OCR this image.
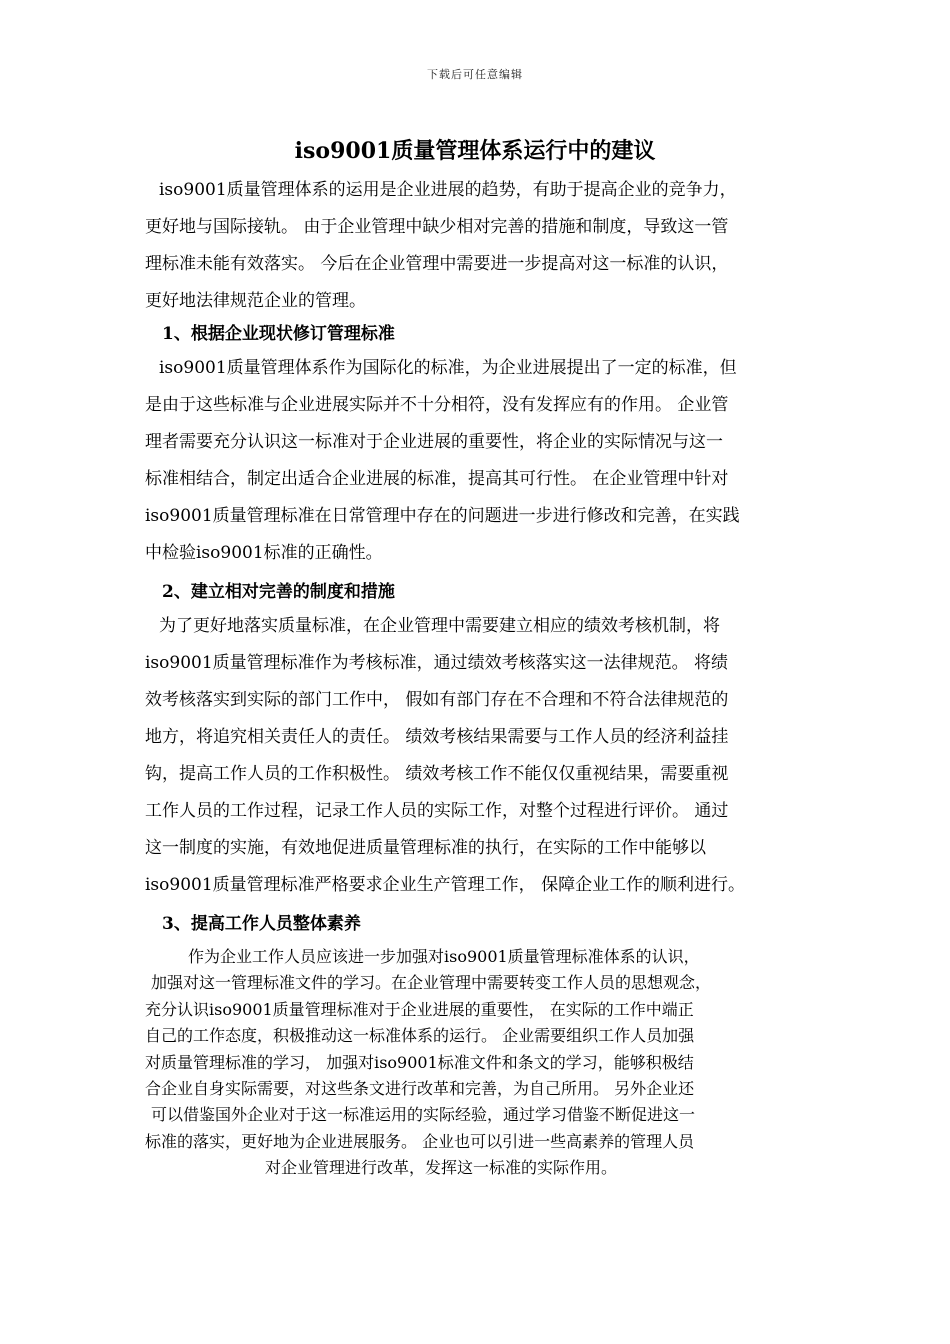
下载后可任意编辑
iso9001质量管理体系运行中的建议
iso9001质量管理体系的运用是企业进展的趋势，有助于提高企业的竞争力，
更好地与国际接轨。 由于企业管理中缺少相对完善的措施和制度，导致这一管
理标准未能有效落实。 今后在企业管理中需要进一步提高对这一标准的认识，
更好地法律规范企业的管理。
1、根据企业现状修订管理标准
iso9001质量管理体系作为国际化的标准，为企业进展提出了一定的标准，但
是由于这些标准与企业进展实际并不十分相符，没有发挥应有的作用。 企业管
理者需要充分认识这一标准对于企业进展的重要性，将企业的实际情况与这一
标准相结合，制定出适合企业进展的标准，提高其可行性。 在企业管理中针对
iso9001质量管理标准在日常管理中存在的问题进一步进行修改和完善，在实践
中检验iso9001标准的正确性。
2、建立相对完善的制度和措施
为了更好地落实质量标准，在企业管理中需要建立相应的绩效考核机制，将
iso9001质量管理标准作为考核标准，通过绩效考核落实这一法律规范。 将绩
效考核落实到实际的部门工作中， 假如有部门存在不合理和不符合法律规范的
地方，将追究相关责任人的责任。 绩效考核结果需要与工作人员的经济利益挂
钩，提高工作人员的工作积极性。 绩效考核工作不能仅仅重视结果，需要重视
工作人员的工作过程，记录工作人员的实际工作，对整个过程进行评价。 通过
这一制度的实施，有效地促进质量管理标准的执行，在实际的工作中能够以
iso9001质量管理标准严格要求企业生产管理工作， 保障企业工作的顺利进行。
3、提高工作人员整体素养
作为企业工作人员应该进一步加强对iso9001质量管理标准体系的认识，
加强对这一管理标准文件的学习。在企业管理中需要转变工作人员的思想观念，
充分认识iso9001质量管理标准对于企业进展的重要性， 在实际的工作中端正
自己的工作态度，积极推动这一标准体系的运行。 企业需要组织工作人员加强
对质量管理标准的学习， 加强对iso9001标准文件和条文的学习，能够积极结
合企业自身实际需要，对这些条文进行改革和完善，为自己所用。 另外企业还
可以借鉴国外企业对于这一标准运用的实际经验，通过学习借鉴不断促进这一
标准的落实，更好地为企业进展服务。 企业也可以引进一些高素养的管理人员
对企业管理进行改革，发挥这一标准的实际作用。
